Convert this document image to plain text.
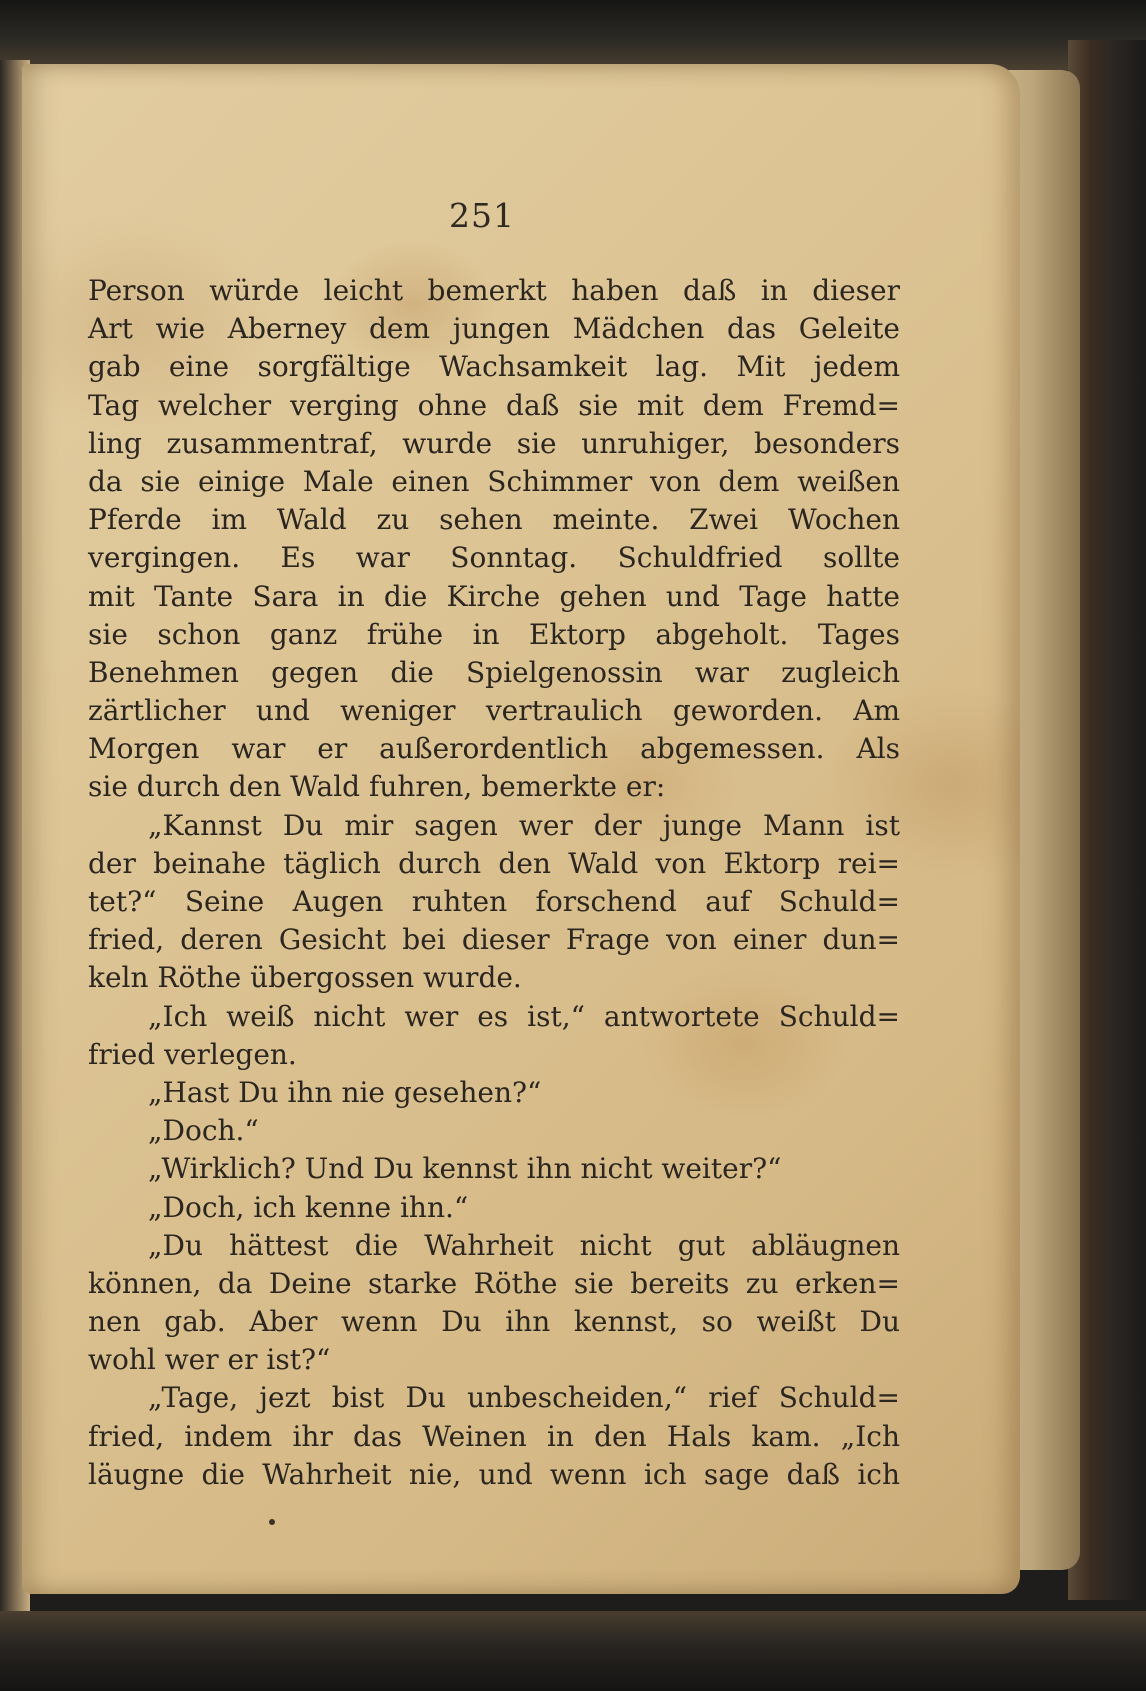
251
Person würde leicht bemerkt haben daß in dieser
Art wie Aberney dem jungen Mädchen das Geleite
gab eine sorgfältige Wachsamkeit lag. Mit jedem
Tag welcher verging ohne daß sie mit dem Fremd=
ling zusammentraf, wurde sie unruhiger, besonders
da sie einige Male einen Schimmer von dem weißen
Pferde im Wald zu sehen meinte. Zwei Wochen
vergingen. Es war Sonntag. Schuldfried sollte
mit Tante Sara in die Kirche gehen und Tage hatte
sie schon ganz frühe in Ektorp abgeholt. Tages
Benehmen gegen die Spielgenossin war zugleich
zärtlicher und weniger vertraulich geworden. Am
Morgen war er außerordentlich abgemessen. Als
sie durch den Wald fuhren, bemerkte er:
„Kannst Du mir sagen wer der junge Mann ist
der beinahe täglich durch den Wald von Ektorp rei=
tet?“ Seine Augen ruhten forschend auf Schuld=
fried, deren Gesicht bei dieser Frage von einer dun=
keln Röthe übergossen wurde.
„Ich weiß nicht wer es ist,“ antwortete Schuld=
fried verlegen.
„Hast Du ihn nie gesehen?“
„Doch.“
„Wirklich? Und Du kennst ihn nicht weiter?“
„Doch, ich kenne ihn.“
„Du hättest die Wahrheit nicht gut abläugnen
können, da Deine starke Röthe sie bereits zu erken=
nen gab. Aber wenn Du ihn kennst, so weißt Du
wohl wer er ist?“
„Tage, jezt bist Du unbescheiden,“ rief Schuld=
fried, indem ihr das Weinen in den Hals kam. „Ich
läugne die Wahrheit nie, und wenn ich sage daß ich
